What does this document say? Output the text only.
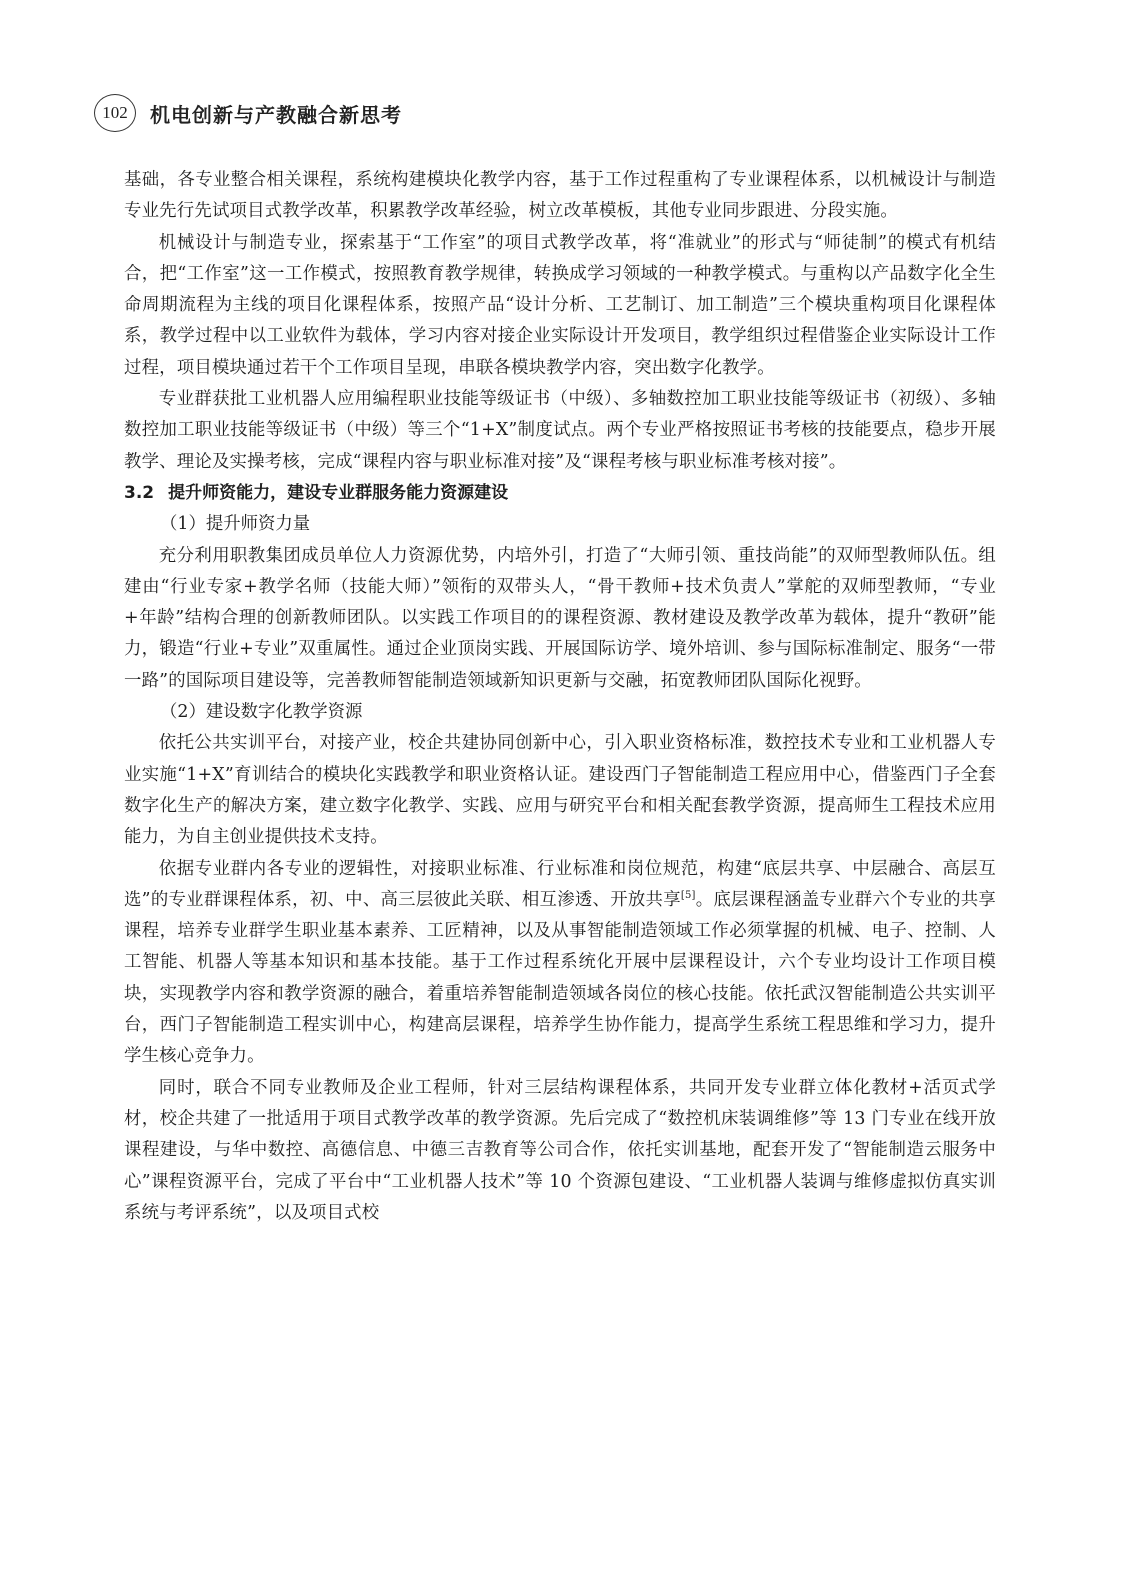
102	机电创新与产教融合新思考

基础，各专业整合相关课程，系统构建模块化教学内容，基于工作过程重构了专业课程体系，以机械设计与制造专业先行先试项目式教学改革，积累教学改革经验，树立改革模板，其他专业同步跟进、分段实施。

机械设计与制造专业，探索基于“工作室”的项目式教学改革，将“准就业”的形式与“师徒制”的模式有机结合，把“工作室”这一工作模式，按照教育教学规律，转换成学习领域的一种教学模式。与重构以产品数字化全生命周期流程为主线的项目化课程体系，按照产品“设计分析、工艺制订、加工制造”三个模块重构项目化课程体系，教学过程中以工业软件为载体，学习内容对接企业实际设计开发项目，教学组织过程借鉴企业实际设计工作过程，项目模块通过若干个工作项目呈现，串联各模块教学内容，突出数字化教学。

专业群获批工业机器人应用编程职业技能等级证书（中级）、多轴数控加工职业技能等级证书（初级）、多轴数控加工职业技能等级证书（中级）等三个“1+X”制度试点。两个专业严格按照证书考核的技能要点，稳步开展教学、理论及实操考核，完成“课程内容与职业标准对接”及“课程考核与职业标准考核对接”。

3.2 提升师资能力，建设专业群服务能力资源建设

（1）提升师资力量

充分利用职教集团成员单位人力资源优势，内培外引，打造了“大师引领、重技尚能”的双师型教师队伍。组建由“行业专家+教学名师（技能大师）”领衔的双带头人，“骨干教师+技术负责人”掌舵的双师型教师，“专业+年龄”结构合理的创新教师团队。以实践工作项目的的课程资源、教材建设及教学改革为载体，提升“教研”能力，锻造“行业+专业”双重属性。通过企业顶岗实践、开展国际访学、境外培训、参与国际标准制定、服务“一带一路”的国际项目建设等，完善教师智能制造领域新知识更新与交融，拓宽教师团队国际化视野。

（2）建设数字化教学资源

依托公共实训平台，对接产业，校企共建协同创新中心，引入职业资格标准，数控技术专业和工业机器人专业实施“1+X”育训结合的模块化实践教学和职业资格认证。建设西门子智能制造工程应用中心，借鉴西门子全套数字化生产的解决方案，建立数字化教学、实践、应用与研究平台和相关配套教学资源，提高师生工程技术应用能力，为自主创业提供技术支持。

依据专业群内各专业的逻辑性，对接职业标准、行业标准和岗位规范，构建“底层共享、中层融合、高层互选”的专业群课程体系，初、中、高三层彼此关联、相互渗透、开放共享[5]。底层课程涵盖专业群六个专业的共享课程，培养专业群学生职业基本素养、工匠精神，以及从事智能制造领域工作必须掌握的机械、电子、控制、人工智能、机器人等基本知识和基本技能。基于工作过程系统化开展中层课程设计，六个专业均设计工作项目模块，实现教学内容和教学资源的融合，着重培养智能制造领域各岗位的核心技能。依托武汉智能制造公共实训平台，西门子智能制造工程实训中心，构建高层课程，培养学生协作能力，提高学生系统工程思维和学习力，提升学生核心竞争力。

同时，联合不同专业教师及企业工程师，针对三层结构课程体系，共同开发专业群立体化教材+活页式学材，校企共建了一批适用于项目式教学改革的教学资源。先后完成了“数控机床装调维修”等 13 门专业在线开放课程建设，与华中数控、高德信息、中德三吉教育等公司合作，依托实训基地，配套开发了“智能制造云服务中心”课程资源平台，完成了平台中“工业机器人技术”等 10 个资源包建设、“工业机器人装调与维修虚拟仿真实训系统与考评系统”，以及项目式校
